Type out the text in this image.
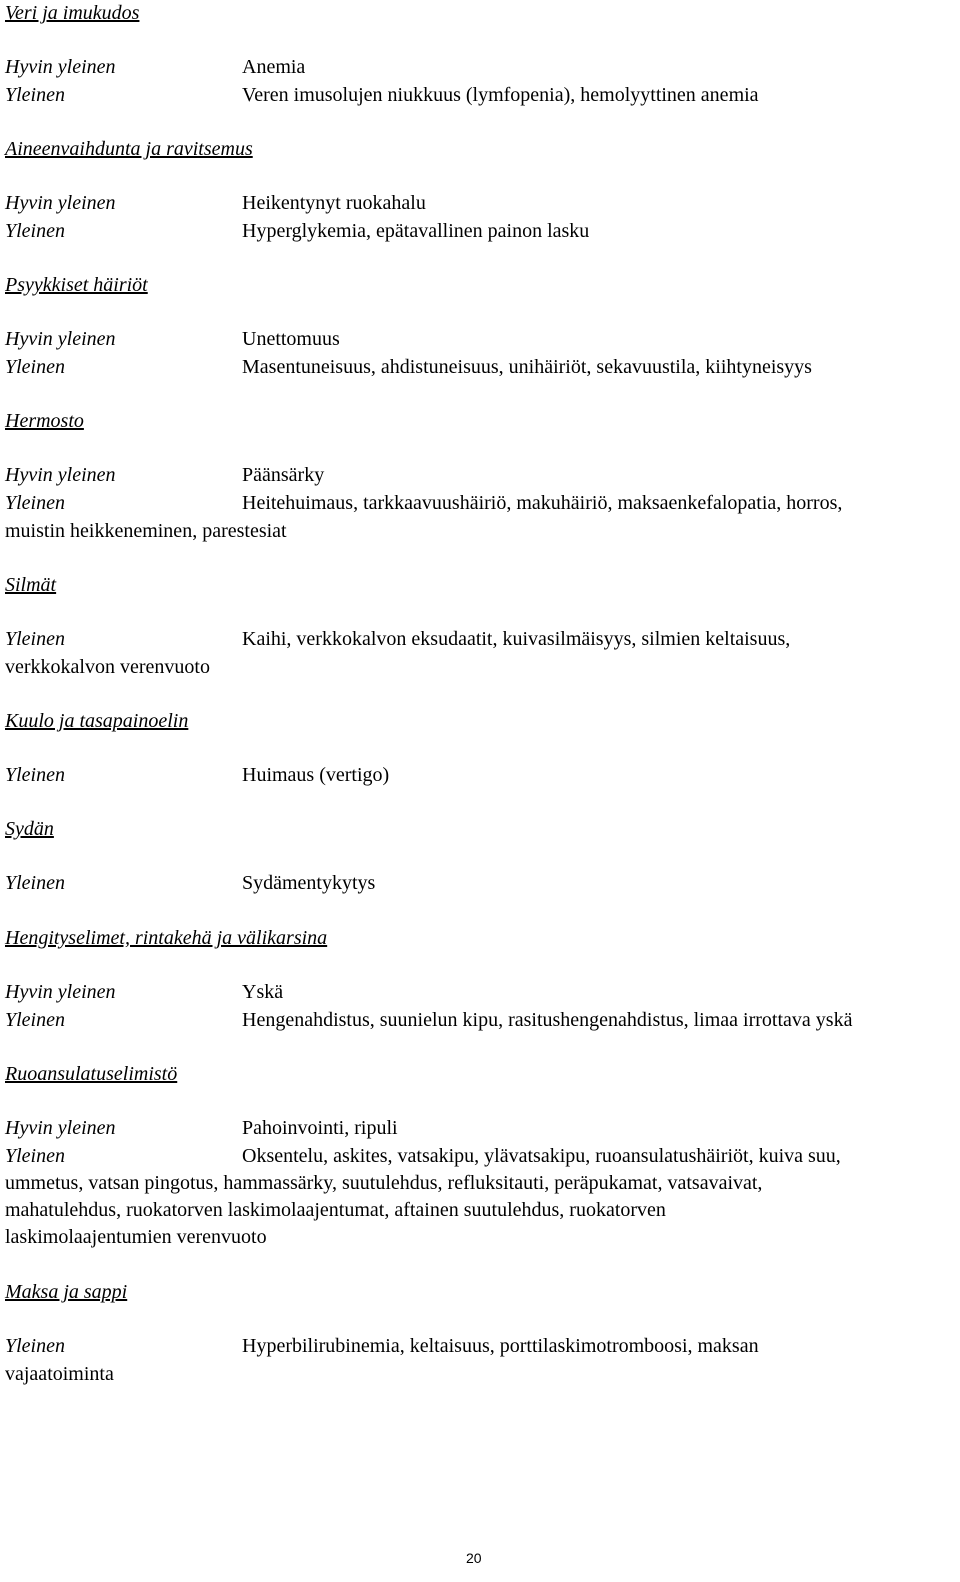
Veri ja imukudos
Hyvin yleinen	Anemia
Yleinen	Veren imusolujen niukkuus (lymfopenia), hemolyyttinen anemia
Aineenvaihdunta ja ravitsemus
Hyvin yleinen	Heikentynyt ruokahalu
Yleinen	Hyperglykemia, epätavallinen painon lasku
Psyykkiset häiriöt
Hyvin yleinen	Unettomuus
Yleinen	Masentuneisuus, ahdistuneisuus, unihäiriöt, sekavuustila, kiihtyneisyys
Hermosto
Hyvin yleinen	Päänsärky
Yleinen	Heitehuimaus, tarkkaavuushäiriö, makuhäiriö, maksaenkefalopatia, horros,
muistin heikkeneminen, parestesiat
Silmät
Yleinen	Kaihi, verkkokalvon eksudaatit, kuivasilmäisyys, silmien keltaisuus,
verkkokalvon verenvuoto
Kuulo ja tasapainoelin
Yleinen	Huimaus (vertigo)
Sydän
Yleinen	Sydämentykytys
Hengityselimet, rintakehä ja välikarsina
Hyvin yleinen	Yskä
Yleinen	Hengenahdistus, suunielun kipu, rasitushengenahdistus, limaa irrottava yskä
Ruoansulatuselimistö
Hyvin yleinen	Pahoinvointi, ripuli
Yleinen	Oksentelu, askites, vatsakipu, ylävatsakipu, ruoansulatushäiriöt, kuiva suu,
ummetus, vatsan pingotus, hammassärky, suutulehdus, refluksitauti, peräpukamat, vatsavaivat,
mahatulehdus, ruokatorven laskimolaajentumat, aftainen suutulehdus, ruokatorven
laskimolaajentumien verenvuoto
Maksa ja sappi
Yleinen	Hyperbilirubinemia, keltaisuus, porttilaskimotromboosi, maksan
vajaatoiminta
20
